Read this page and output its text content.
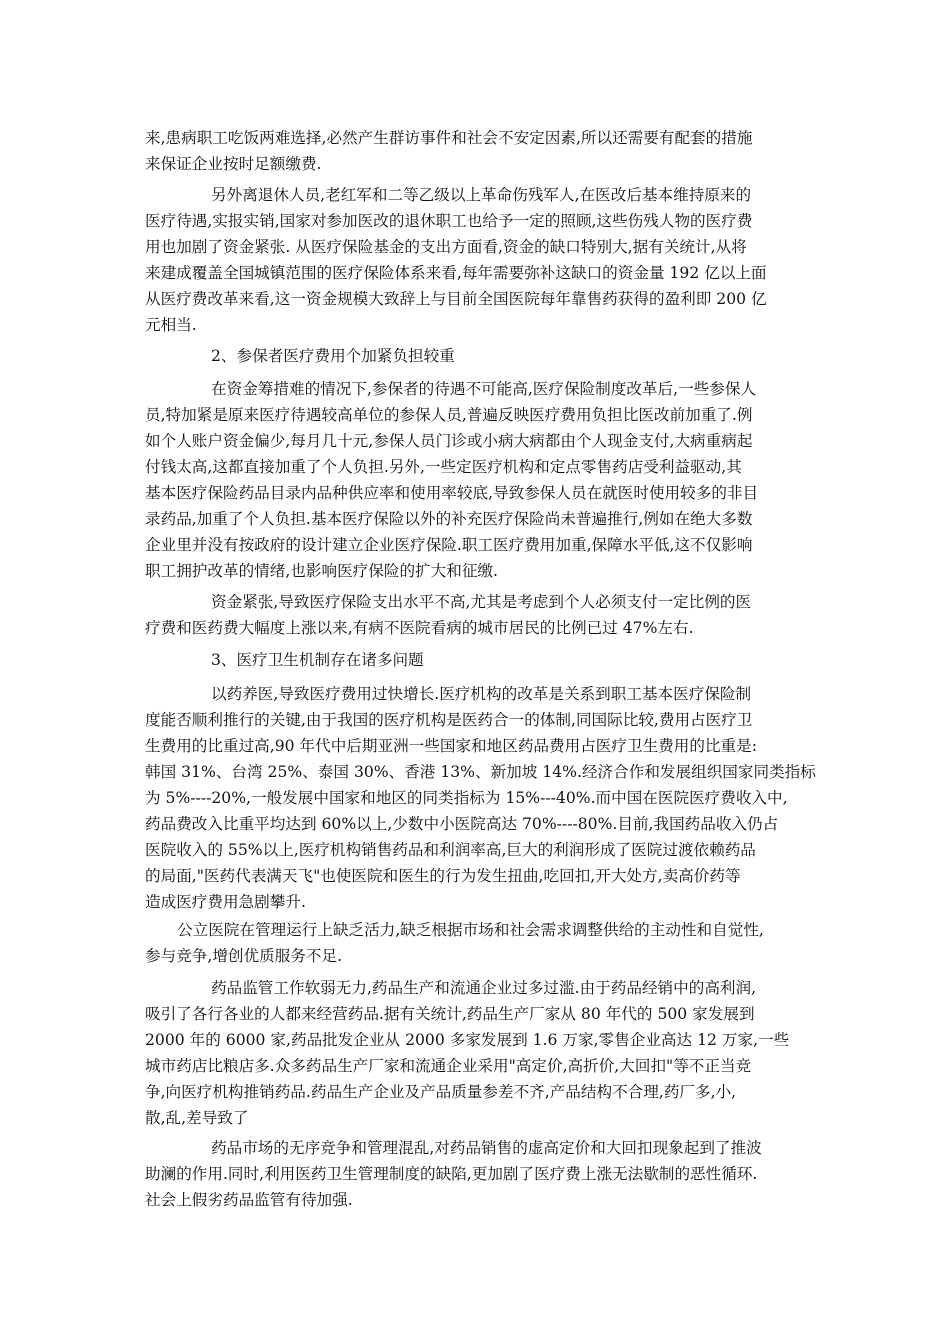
来,患病职工吃饭两难选择,必然产生群访事件和社会不安定因素,所以还需要有配套的措施
来保证企业按时足额缴费.
另外离退休人员,老红军和二等乙级以上革命伤残军人,在医改后基本维持原来的
医疗待遇,实报实销,国家对参加医改的退休职工也给予一定的照顾,这些伤残人物的医疗费
用也加剧了资金紧张. 从医疗保险基金的支出方面看,资金的缺口特别大,据有关统计,从将
来建成覆盖全国城镇范围的医疗保险体系来看,每年需要弥补这缺口的资金量 192 亿以上面
从医疗费改革来看,这一资金规模大致辞上与目前全国医院每年靠售药获得的盈利即 200 亿
元相当.
2、参保者医疗费用个加紧负担较重
在资金筹措难的情况下,参保者的待遇不可能高,医疗保险制度改革后,一些参保人
员,特加紧是原来医疗待遇较高单位的参保人员,普遍反映医疗费用负担比医改前加重了.例
如个人账户资金偏少,每月几十元,参保人员门诊或小病大病都由个人现金支付,大病重病起
付钱太高,这都直接加重了个人负担.另外,一些定医疗机构和定点零售药店受利益驱动,其
基本医疗保险药品目录内品种供应率和使用率较底,导致参保人员在就医时使用较多的非目
录药品,加重了个人负担.基本医疗保险以外的补充医疗保险尚未普遍推行,例如在绝大多数
企业里并没有按政府的设计建立企业医疗保险.职工医疗费用加重,保障水平低,这不仅影响
职工拥护改革的情绪,也影响医疗保险的扩大和征缴.
资金紧张,导致医疗保险支出水平不高,尤其是考虑到个人必须支付一定比例的医
疗费和医药费大幅度上涨以来,有病不医院看病的城市居民的比例已过 47%左右.
3、医疗卫生机制存在诸多问题
以药养医,导致医疗费用过快增长.医疗机构的改革是关系到职工基本医疗保险制
度能否顺利推行的关键,由于我国的医疗机构是医药合一的体制,同国际比较,费用占医疗卫
生费用的比重过高,90 年代中后期亚洲一些国家和地区药品费用占医疗卫生费用的比重是:
韩国 31%、台湾 25%、泰国 30%、香港 13%、新加坡 14%.经济合作和发展组织国家同类指标
为 5%----20%,一般发展中国家和地区的同类指标为 15%---40%.而中国在医院医疗费收入中,
药品费改入比重平均达到 60%以上,少数中小医院高达 70%----80%.目前,我国药品收入仍占
医院收入的 55%以上,医疗机构销售药品和利润率高,巨大的利润形成了医院过渡依赖药品
的局面,"医药代表满天飞"也使医院和医生的行为发生扭曲,吃回扣,开大处方,卖高价药等
造成医疗费用急剧攀升.
公立医院在管理运行上缺乏活力,缺乏根据市场和社会需求调整供给的主动性和自觉性,
参与竞争,增创优质服务不足.
药品监管工作软弱无力,药品生产和流通企业过多过滥.由于药品经销中的高利润,
吸引了各行各业的人都来经营药品.据有关统计,药品生产厂家从 80 年代的 500 家发展到
2000 年的 6000 家,药品批发企业从 2000 多家发展到 1.6 万家,零售企业高达 12 万家,一些
城市药店比粮店多.众多药品生产厂家和流通企业采用"高定价,高折价,大回扣"等不正当竞
争,向医疗机构推销药品.药品生产企业及产品质量参差不齐,产品结构不合理,药厂多,小,
散,乱,差导致了
药品市场的无序竞争和管理混乱,对药品销售的虚高定价和大回扣现象起到了推波
助澜的作用.同时,利用医药卫生管理制度的缺陷,更加剧了医疗费上涨无法歇制的恶性循环.
社会上假劣药品监管有待加强.
